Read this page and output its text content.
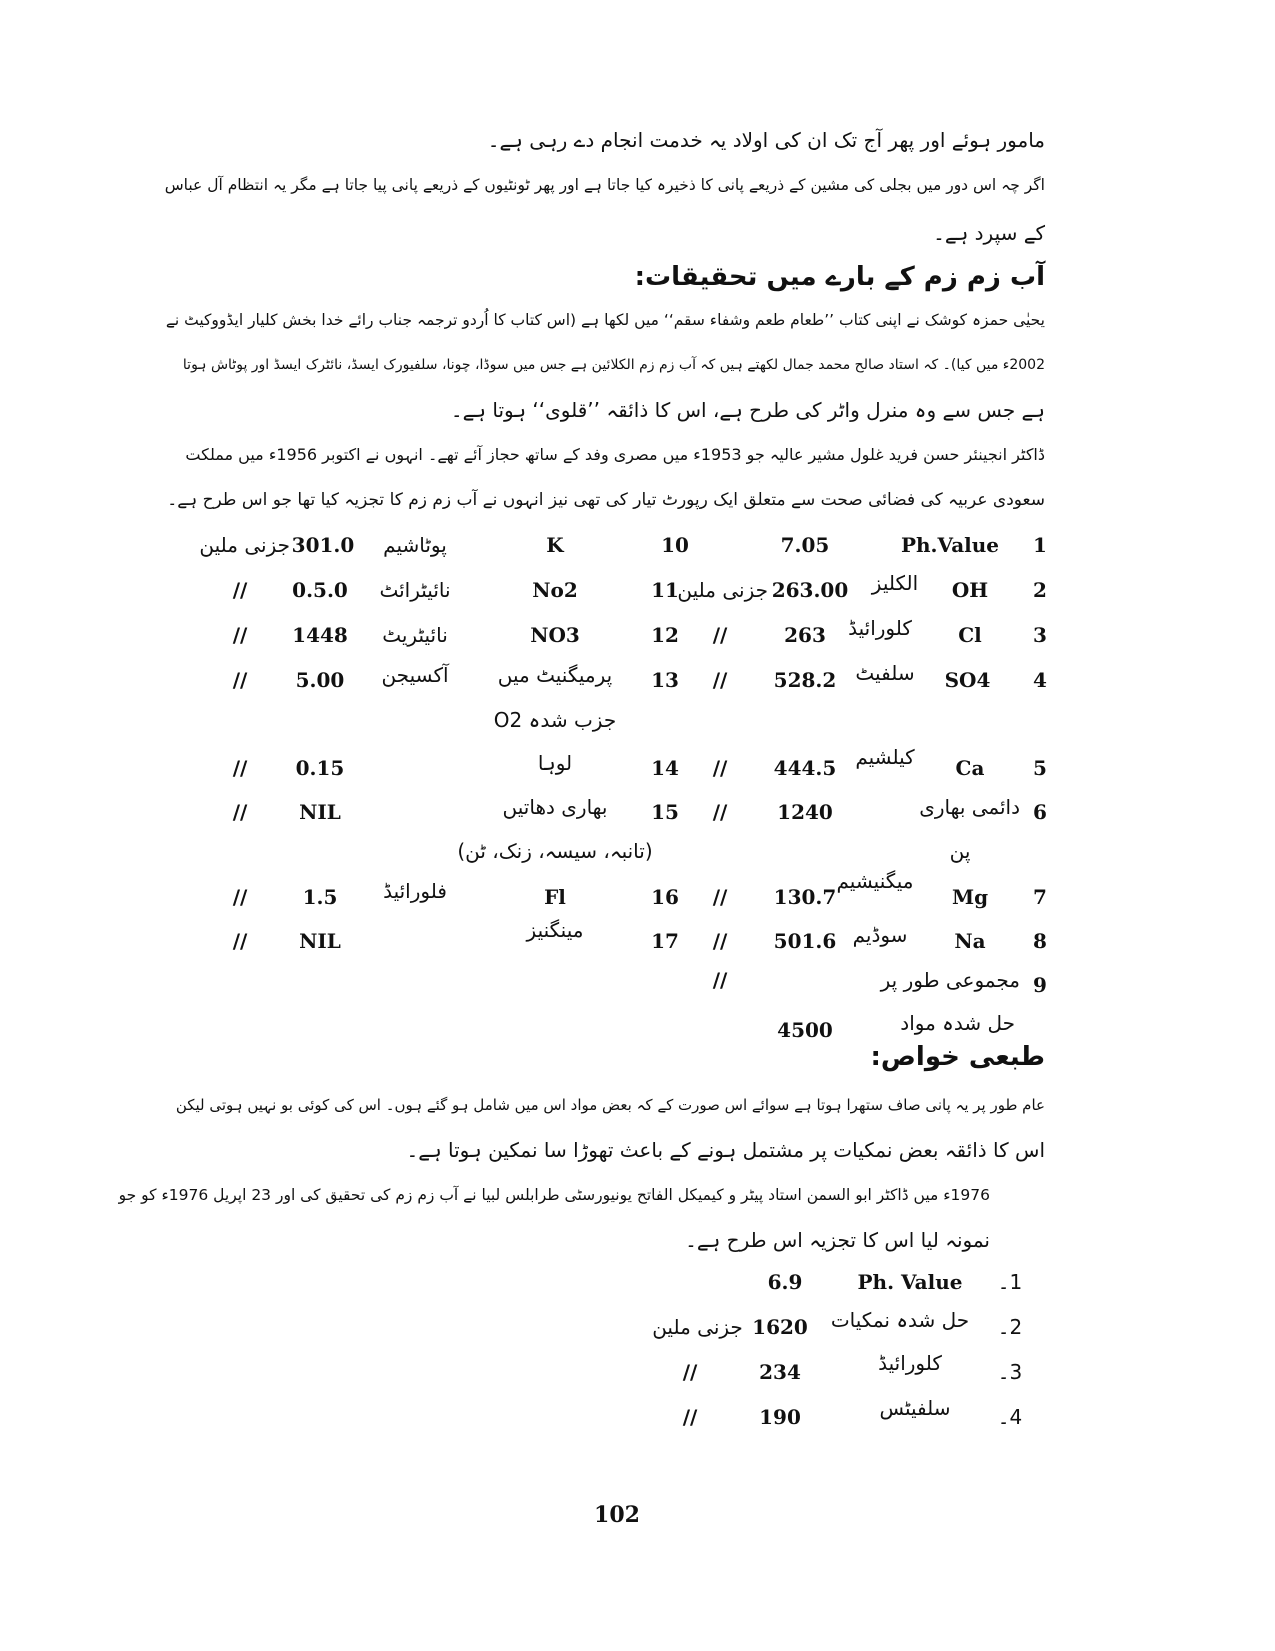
مامور ہوئے اور پھر آج تک ان کی اولاد یہ خدمت انجام دے رہی ہے۔
اگر چہ اس دور میں بجلی کی مشین کے ذریعے پانی کا ذخیرہ کیا جاتا ہے اور پھر ٹونٹیوں کے ذریعے پانی پیا جاتا ہے مگر یہ انتظام آل عباس
کے سپرد ہے۔
آب زم زم کے بارے میں تحقیقات:
یحیٰی حمزہ کوشک نے اپنی کتاب ’’طعام طعم وشفاء سقم‘‘ میں لکھا ہے (اس کتاب کا اُردو ترجمہ جناب رائے خدا بخش کلیار ایڈووکیٹ نے
2002ء میں کیا)۔ کہ استاد صالح محمد جمال لکھتے ہیں کہ آب زم زم الکلائین ہے جس میں سوڈا، چونا، سلفیورک ایسڈ، نائٹرک ایسڈ اور پوٹاش ہوتا
ہے جس سے وہ منرل واٹر کی طرح ہے، اس کا ذائقہ ’’قلوی‘‘ ہوتا ہے۔
ڈاکٹر انجینئر حسن فرید غلول مشیر عالیہ جو 1953ء میں مصری وفد کے ساتھ حجاز آئے تھے۔ انہوں نے اکتوبر 1956ء میں مملکت
سعودی عربیہ کی فضائی صحت سے متعلق ایک رپورٹ تیار کی تھی نیز انہوں نے آب زم زم کا تجزیہ کیا تھا جو اس طرح ہے۔
1
Ph.Value
7.05
10
K
پوٹاشیم
301.0
جزنی ملین
2
OH
الکلیز
263.00
جزنی ملین
11
No2
نائیٹرائٹ
0.5.0
//
3
Cl
کلورائیڈ
263
//
12
NO3
نائیٹریٹ
1448
//
4
SO4
سلفیٹ
528.2
//
13
پرمیگنیٹ میں
جزب شدہ O2
آکسیجن
5.00
//
5
Ca
کیلشیم
444.5
//
14
لوہا
0.15
//
6
دائمی بھاری
پن
1240
//
15
بھاری دھاتیں
(تانبہ، سیسہ، زنک، ٹن)
NIL
//
7
Mg
میگنیشیم
130.7
//
16
Fl
فلورائیڈ
1.5
//
8
Na
سوڈیم
501.6
//
17
مینگنیز
NIL
//
9
مجموعی طور پر
//
حل شدہ مواد
4500
طبعی خواص:
عام طور پر یہ پانی صاف ستھرا ہوتا ہے سوائے اس صورت کے کہ بعض مواد اس میں شامل ہو گئے ہوں۔ اس کی کوئی بو نہیں ہوتی لیکن
اس کا ذائقہ بعض نمکیات پر مشتمل ہونے کے باعث تھوڑا سا نمکین ہوتا ہے۔
1976ء میں ڈاکٹر ابو السمن استاد پیٹر و کیمیکل الفاتح یونیورسٹی طرابلس لبیا نے آب زم زم کی تحقیق کی اور 23 اپریل 1976ء کو جو
نمونہ لیا اس کا تجزیہ اس طرح ہے۔
1۔
Ph. Value
6.9
2۔
حل شدہ نمکیات
1620
جزنی ملین
3۔
کلورائیڈ
234
//
4۔
سلفیٹس
190
//
102
